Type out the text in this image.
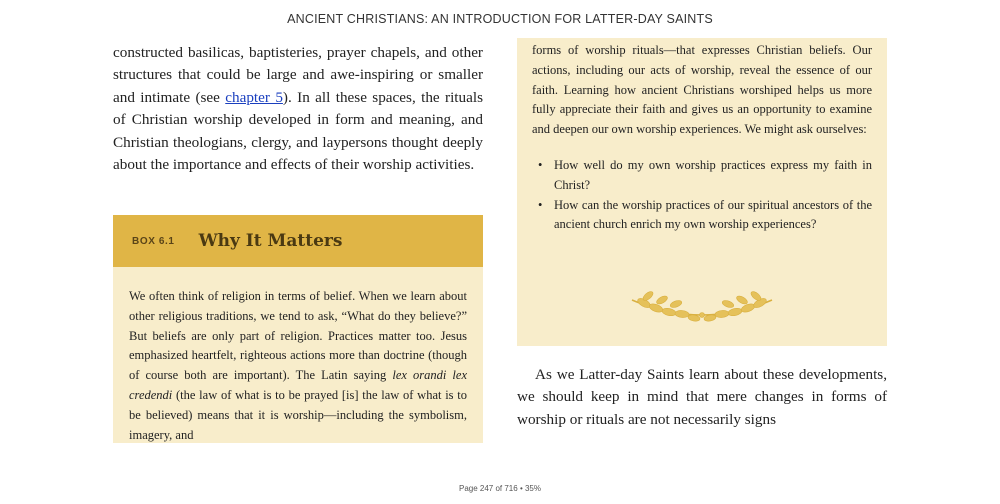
ANCIENT CHRISTIANS: AN INTRODUCTION FOR LATTER-DAY SAINTS

constructed basilicas, baptisteries, prayer chapels, and other structures that could be large and awe-inspiring or smaller and intimate (see chapter 5). In all these spaces, the rituals of Christian worship developed in form and meaning, and Christian theologians, clergy, and laypersons thought deeply about the importance and effects of their worship activities.

BOX 6.1 Why It Matters

We often think of religion in terms of belief. When we learn about other religious traditions, we tend to ask, “What do they believe?” But beliefs are only part of religion. Practices matter too. Jesus emphasized heartfelt, righteous actions more than doctrine (though of course both are important). The Latin saying lex orandi lex credendi (the law of what is to be prayed [is] the law of what is to be believed) means that it is worship—including the symbolism, imagery, and

forms of worship rituals—that expresses Christian beliefs. Our actions, including our acts of worship, reveal the essence of our faith. Learning how ancient Christians worshiped helps us more fully appreciate their faith and gives us an opportunity to examine and deepen our own worship experiences. We might ask ourselves:

• How well do my own worship practices express my faith in Christ?
• How can the worship practices of our spiritual ancestors of the ancient church enrich my own worship experiences?

As we Latter-day Saints learn about these developments, we should keep in mind that mere changes in forms of worship or rituals are not necessarily signs

Page 247 of 716 • 35%
